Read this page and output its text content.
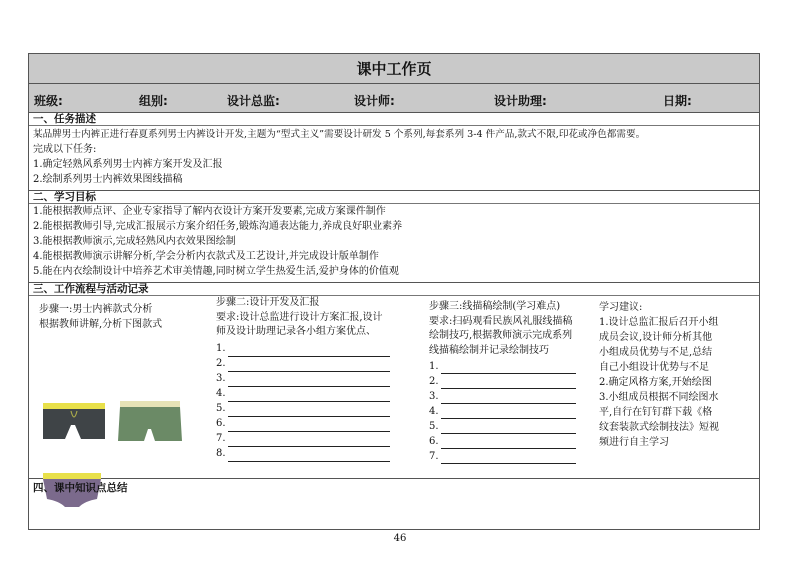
课中工作页
班级:	组别:	设计总监:	设计师:	设计助理:	日期:
一、任务描述
某品牌男士内裤正进行春夏系列男士内裤设计开发,主题为“型式主义”需要设计研发 5 个系列,每套系列 3-4 件产品,款式不限,印花或净色都需要。
完成以下任务:
1.确定轻熟风系列男士内裤方案开发及汇报
2.绘制系列男士内裤效果图线描稿
二、学习目标
1.能根据教师点评、企业专家指导了解内衣设计方案开发要素,完成方案课件制作
2.能根据教师引导,完成汇报展示方案介绍任务,锻炼沟通表达能力,养成良好职业素养
3.能根据教师演示,完成轻熟风内衣效果图绘制
4.能根据教师演示讲解分析,学会分析内衣款式及工艺设计,并完成设计版单制作
5.能在内衣绘制设计中培养艺术审美情趣,同时树立学生热爱生活,爱护身体的价值观
三、工作流程与活动记录
步骤一:男士内裤款式分析
根据教师讲解,分析下图款式
步骤二:设计开发及汇报
要求:设计总监进行设计方案汇报,设计
师及设计助理记录各小组方案优点、
1.
2.
3.
4.
5.
6.
7.
8.
步骤三:线描稿绘制(学习难点)
要求:扫码观看民族风礼服线描稿
绘制技巧,根据教师演示完成系列
线描稿绘制并记录绘制技巧
1.
2.
3.
4.
5.
6.
7.
学习建议:
1.设计总监汇报后召开小组
成员会议,设计师分析其他
小组成员优势与不足,总结
自己小组设计优势与不足
2.确定风格方案,开始绘图
3.小组成员根据不同绘图水
平,自行在钉钉群下载《格
纹套装款式绘制技法》短视
频进行自主学习
四、课中知识点总结
46
